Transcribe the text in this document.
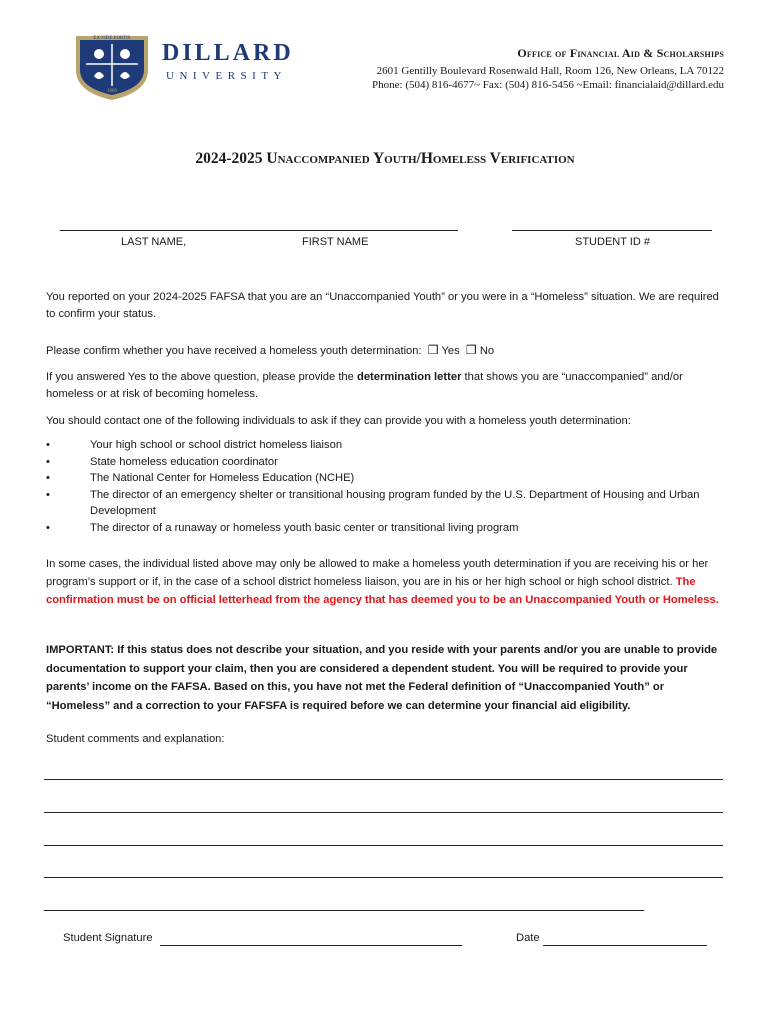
EX FIDE FORTIS
1869
DILLARD
UNIVERSITY
Office of Financial Aid & Scholarships
2601 Gentilly Boulevard Rosenwald Hall, Room 126, New Orleans, LA 70122
Phone: (504) 816-4677~ Fax: (504) 816-5456 ~Email: financialaid@dillard.edu
2024-2025 Unaccompanied Youth/Homeless Verification
LAST NAME,	FIRST NAME	STUDENT ID #
You reported on your 2024-2025 FAFSA that you are an “Unaccompanied Youth” or you were in a “Homeless” situation. We are required to confirm your status.
Please confirm whether you have received a homeless youth determination: ❒ Yes ❒ No
If you answered Yes to the above question, please provide the determination letter that shows you are “unaccompanied” and/or homeless or at risk of becoming homeless.
You should contact one of the following individuals to ask if they can provide you with a homeless youth determination:
•	Your high school or school district homeless liaison
•	State homeless education coordinator
•	The National Center for Homeless Education (NCHE)
•	The director of an emergency shelter or transitional housing program funded by the U.S. Department of Housing and Urban Development
•	The director of a runaway or homeless youth basic center or transitional living program
In some cases, the individual listed above may only be allowed to make a homeless youth determination if you are receiving his or her program’s support or if, in the case of a school district homeless liaison, you are in his or her high school or high school district. The confirmation must be on official letterhead from the agency that has deemed you to be an Unaccompanied Youth or Homeless.
IMPORTANT: If this status does not describe your situation, and you reside with your parents and/or you are unable to provide documentation to support your claim, then you are considered a dependent student. You will be required to provide your parents’ income on the FAFSA. Based on this, you have not met the Federal definition of “Unaccompanied Youth” or “Homeless” and a correction to your FAFSFA is required before we can determine your financial aid eligibility.
Student comments and explanation:
Student Signature	Date
